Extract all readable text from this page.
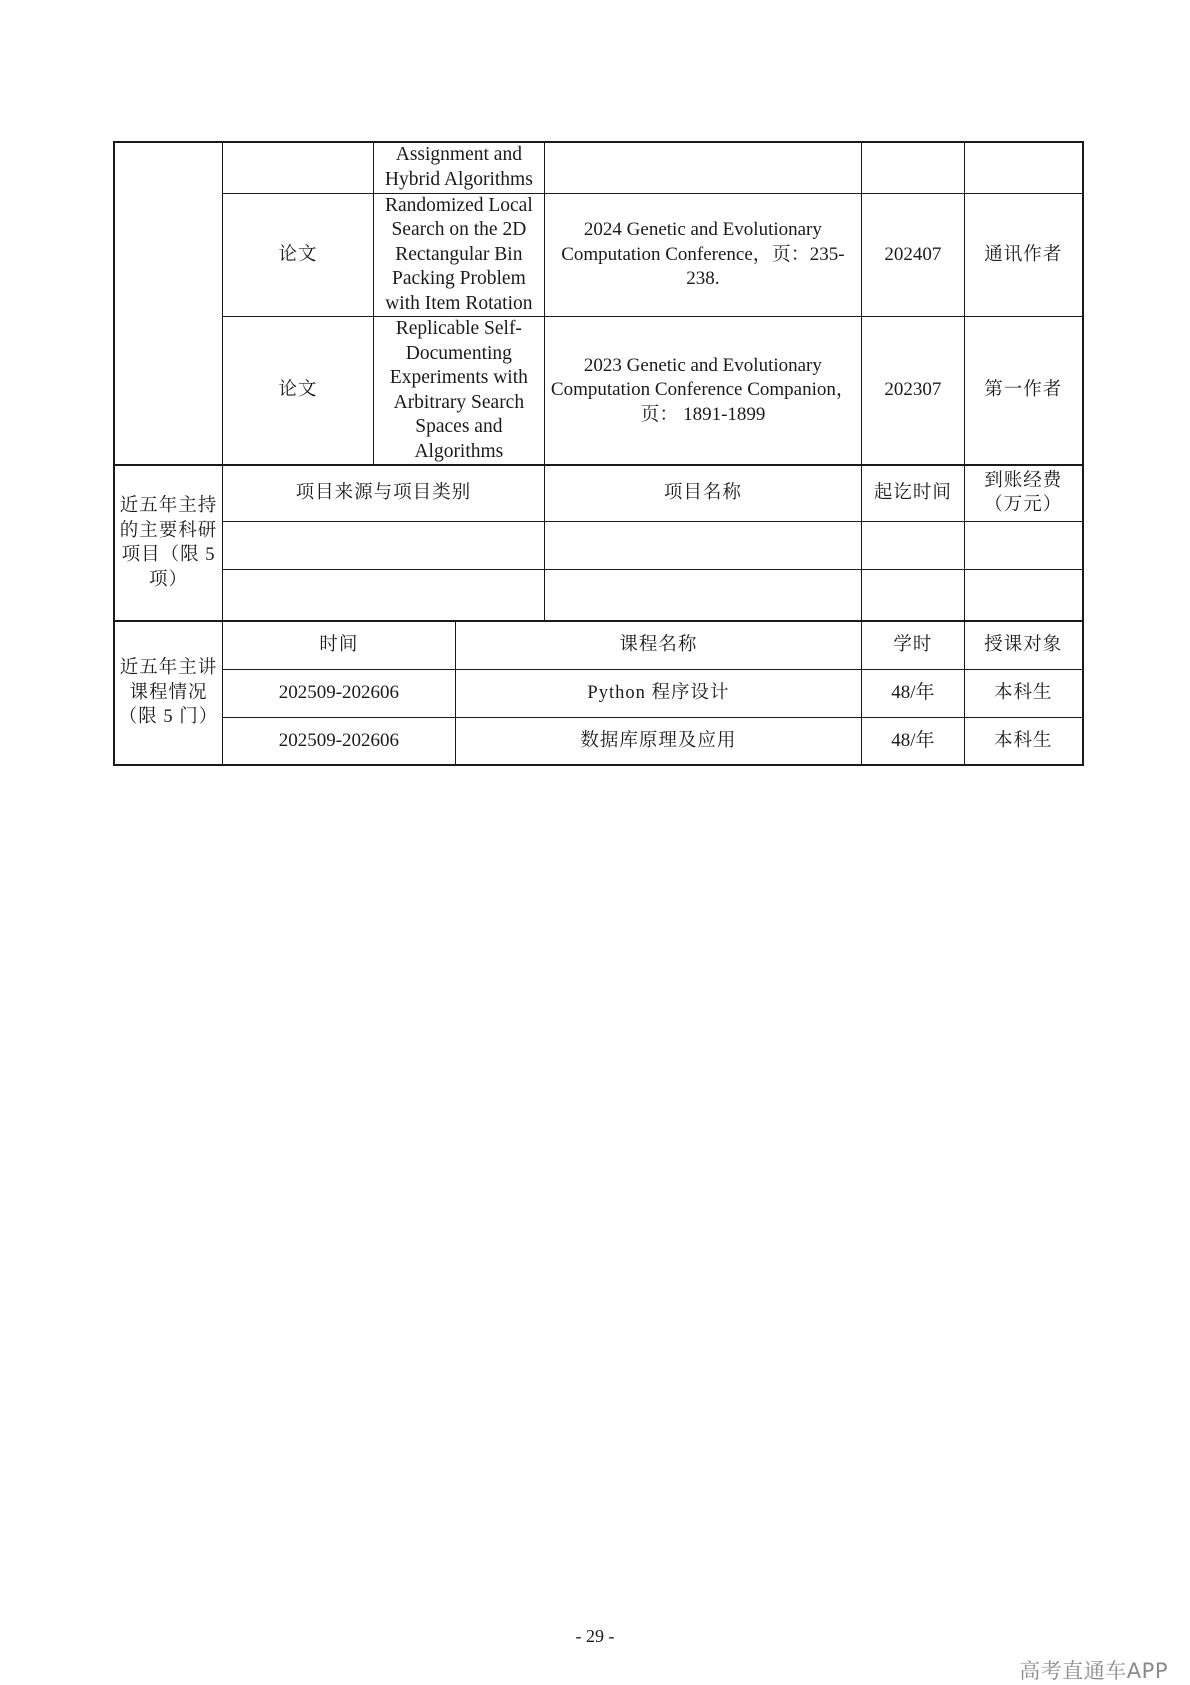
		Assignment and Hybrid Algorithms				
	论文	Randomized Local Search on the 2D Rectangular Bin Packing Problem with Item Rotation		2024 Genetic and Evolutionary Computation Conference，页：235-238.	202407	通讯作者
	论文	Replicable Self-Documenting Experiments with Arbitrary Search Spaces and Algorithms		2023 Genetic and Evolutionary Computation Conference Companion， 页： 1891-1899	202307	第一作者
近五年主持的主要科研项目（限 5 项）	项目来源与项目类别			项目名称	起讫时间	到账经费（万元）

近五年主讲课程情况（限 5 门）	时间		课程名称		学时	授课对象
	202509-202606		Python 程序设计		48/年	本科生
	202509-202606		数据库原理及应用		48/年	本科生
- 29 -
高考直通车APP
